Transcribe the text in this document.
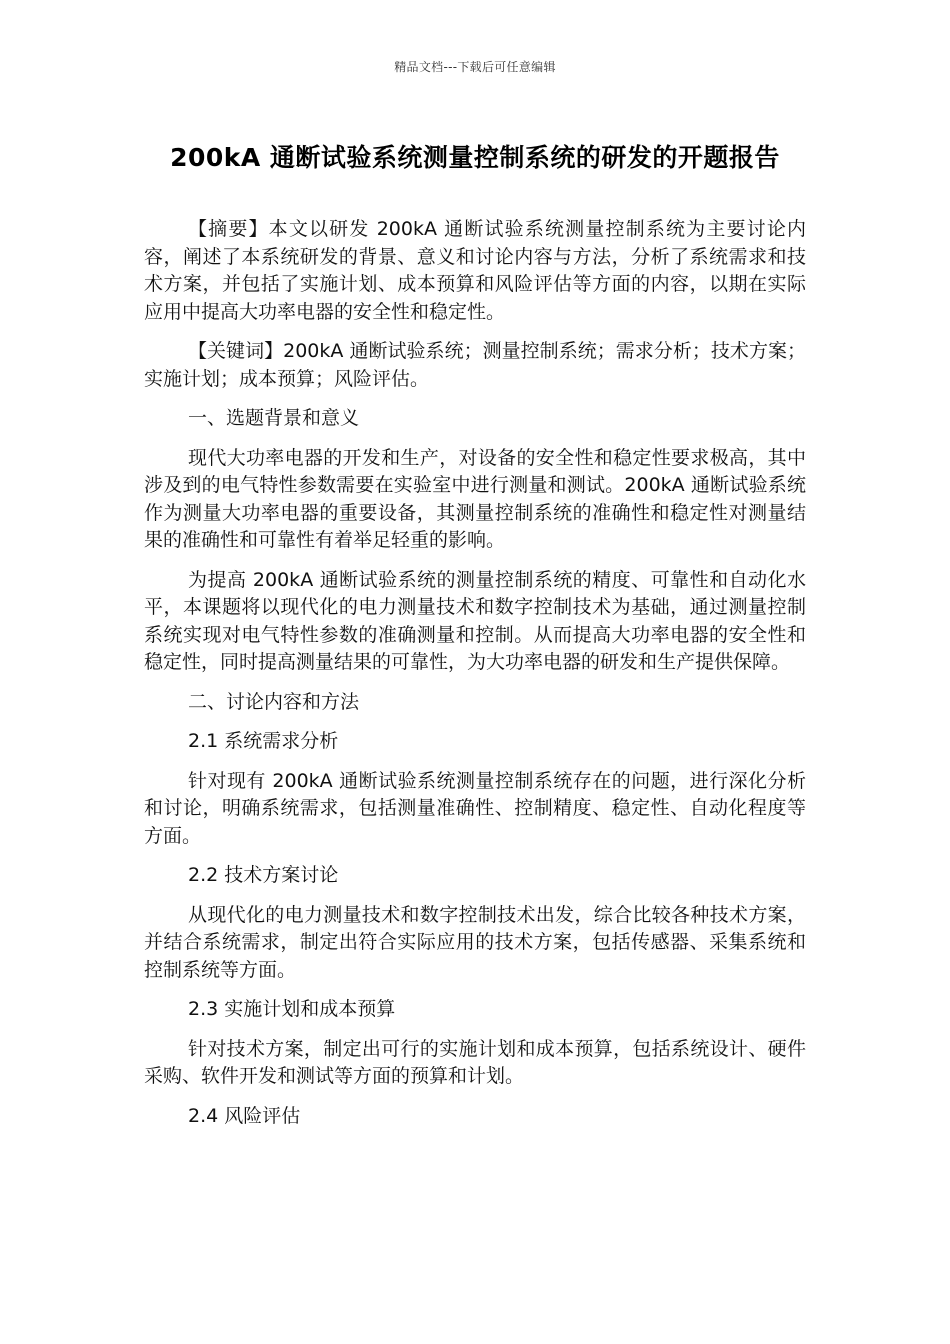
精品文档---下载后可任意编辑
200kA 通断试验系统测量控制系统的研发的开题报告

【摘要】本文以研发 200kA 通断试验系统测量控制系统为主要讨论内容，阐述了本系统研发的背景、意义和讨论内容与方法，分析了系统需求和技术方案，并包括了实施计划、成本预算和风险评估等方面的内容，以期在实际应用中提高大功率电器的安全性和稳定性。

【关键词】200kA 通断试验系统；测量控制系统；需求分析；技术方案；实施计划；成本预算；风险评估。

一、选题背景和意义

现代大功率电器的开发和生产，对设备的安全性和稳定性要求极高，其中涉及到的电气特性参数需要在实验室中进行测量和测试。200kA 通断试验系统作为测量大功率电器的重要设备，其测量控制系统的准确性和稳定性对测量结果的准确性和可靠性有着举足轻重的影响。

为提高 200kA 通断试验系统的测量控制系统的精度、可靠性和自动化水平，本课题将以现代化的电力测量技术和数字控制技术为基础，通过测量控制系统实现对电气特性参数的准确测量和控制。从而提高大功率电器的安全性和稳定性，同时提高测量结果的可靠性，为大功率电器的研发和生产提供保障。

二、讨论内容和方法

2.1 系统需求分析

针对现有 200kA 通断试验系统测量控制系统存在的问题，进行深化分析和讨论，明确系统需求，包括测量准确性、控制精度、稳定性、自动化程度等方面。

2.2 技术方案讨论

从现代化的电力测量技术和数字控制技术出发，综合比较各种技术方案，并结合系统需求，制定出符合实际应用的技术方案，包括传感器、采集系统和控制系统等方面。

2.3 实施计划和成本预算

针对技术方案，制定出可行的实施计划和成本预算，包括系统设计、硬件采购、软件开发和测试等方面的预算和计划。

2.4 风险评估
